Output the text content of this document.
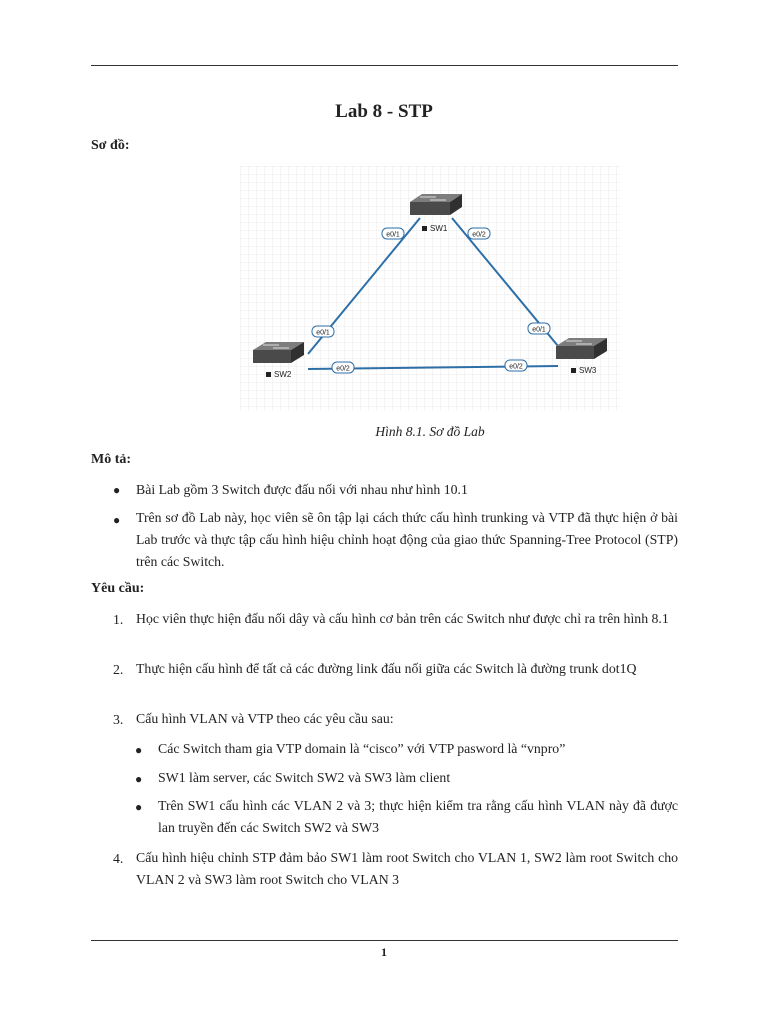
Lab 8 - STP
Sơ đồ:
SW1
SW2	SW3
e0/1	e0/2
e0/1
e0/2
e0/1
e0/2
Hình 8.1. Sơ đồ Lab
Mô tả:
● Bài Lab gồm 3 Switch được đấu nối với nhau như hình 10.1
● Trên sơ đồ Lab này, học viên sẽ ôn tập lại cách thức cấu hình trunking và VTP đã thực hiện ở bài Lab trước và thực tập cấu hình hiệu chỉnh hoạt động của giao thức Spanning-Tree Protocol (STP) trên các Switch.
Yêu cầu:
1. Học viên thực hiện đấu nối dây và cấu hình cơ bản trên các Switch như được chỉ ra trên hình 8.1
2. Thực hiện cấu hình để tất cả các đường link đấu nối giữa các Switch là đường trunk dot1Q
3. Cấu hình VLAN và VTP theo các yêu cầu sau:
● Các Switch tham gia VTP domain là “cisco” với VTP pasword là “vnpro”
● SW1 làm server, các Switch SW2 và SW3 làm client
● Trên SW1 cấu hình các VLAN 2 và 3; thực hiện kiểm tra rằng cấu hình VLAN này đã được lan truyền đến các Switch SW2 và SW3
4. Cấu hình hiệu chỉnh STP đảm bảo SW1 làm root Switch cho VLAN 1, SW2 làm root Switch cho VLAN 2 và SW3 làm root Switch cho VLAN 3
1
